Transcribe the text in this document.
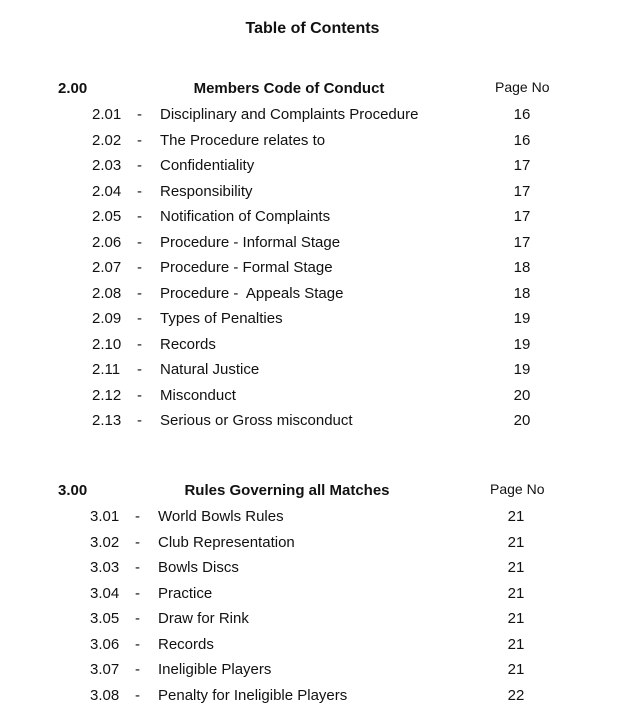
Table of Contents
2.00	Members Code of Conduct	Page No
2.01 - Disciplinary and Complaints Procedure	16
2.02 - The Procedure relates to	16
2.03 - Confidentiality	17
2.04 - Responsibility	17
2.05 - Notification of Complaints	17
2.06 - Procedure - Informal Stage	17
2.07 - Procedure - Formal Stage	18
2.08 - Procedure -  Appeals Stage	18
2.09 - Types of Penalties	19
2.10 - Records	19
2.11 - Natural Justice	19
2.12 - Misconduct	20
2.13 - Serious or Gross misconduct	20
3.00	Rules Governing all Matches	Page No
3.01 - World Bowls Rules	21
3.02 - Club Representation	21
3.03 - Bowls Discs	21
3.04 - Practice	21
3.05 - Draw for Rink	21
3.06 - Records	21
3.07 - Ineligible Players	21
3.08 - Penalty for Ineligible Players	22
